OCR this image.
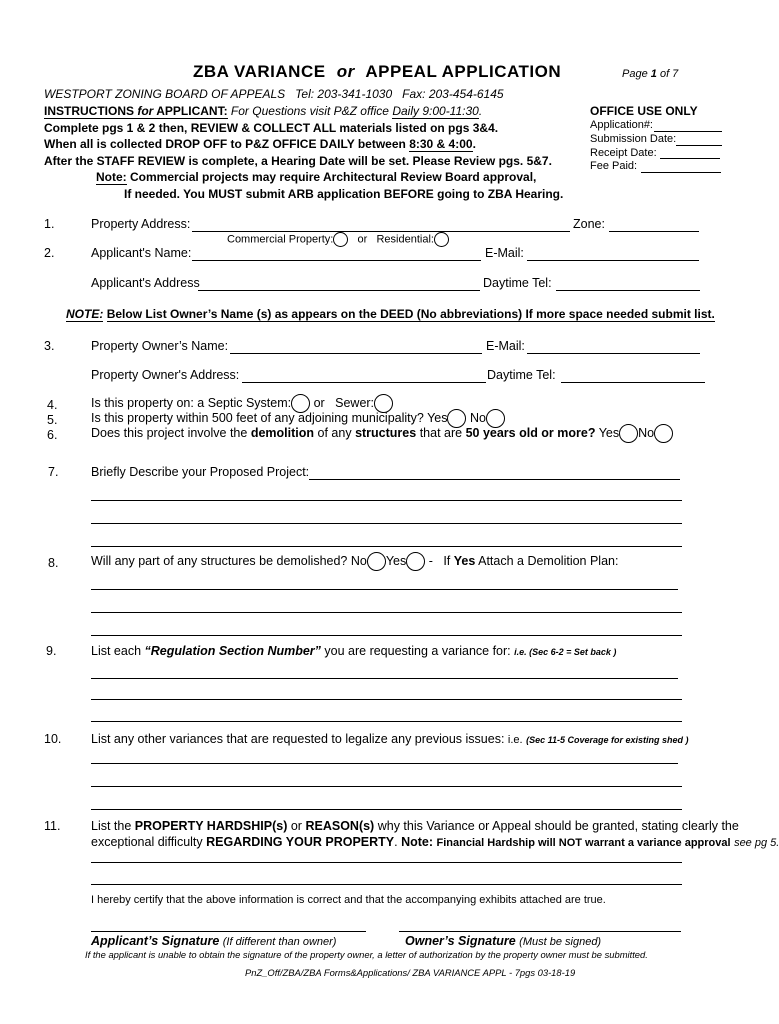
ZBA VARIANCE or APPEAL APPLICATION	Page 1 of 7
WESTPORT ZONING BOARD OF APPEALS Tel: 203-341-1030 Fax: 203-454-6145
INSTRUCTIONS for APPLICANT: For Questions visit P&Z office Daily 9:00-11:30.
Complete pgs 1 & 2 then, REVIEW & COLLECT ALL materials listed on pgs 3&4.
When all is collected DROP OFF to P&Z OFFICE DAILY between 8:30 & 4:00.
After the STAFF REVIEW is complete, a Hearing Date will be set. Please Review pgs. 5&7.
Note: Commercial projects may require Architectural Review Board approval,
If needed. You MUST submit ARB application BEFORE going to ZBA Hearing.
OFFICE USE ONLY
Application#:
Submission Date:
Receipt Date:
Fee Paid:
1.	Property Address:	Zone:
Commercial Property: or Residential:
2.	Applicant's Name:	E-Mail:
Applicant's Address	Daytime Tel:
NOTE: Below List Owner’s Name (s) as appears on the DEED (No abbreviations) If more space needed submit list.
3.	Property Owner’s Name:	E-Mail:
Property Owner's Address:	Daytime Tel:
4.	Is this property on: a Septic System: or Sewer:
5.	Is this property within 500 feet of any adjoining municipality? Yes No
6.	Does this project involve the demolition of any structures that are 50 years old or more? Yes No
7.	Briefly Describe your Proposed Project:
8.	Will any part of any structures be demolished? No Yes - If Yes Attach a Demolition Plan:
9.	List each “Regulation Section Number” you are requesting a variance for: i.e. (Sec 6-2 = Set back )
10. List any other variances that are requested to legalize any previous issues: i.e. (Sec 11-5 Coverage for existing shed )
11. List the PROPERTY HARDSHIP(s) or REASON(s) why this Variance or Appeal should be granted, stating clearly the
exceptional difficulty REGARDING YOUR PROPERTY. Note: Financial Hardship will NOT warrant a variance approval see pg 5.
I hereby certify that the above information is correct and that the accompanying exhibits attached are true.
Applicant’s Signature (If different than owner)	Owner’s Signature (Must be signed)
If the applicant is unable to obtain the signature of the property owner, a letter of authorization by the property owner must be submitted.
PnZ_Off/ZBA/ZBA Forms&Applications/ ZBA VARIANCE APPL - 7pgs 03-18-19
